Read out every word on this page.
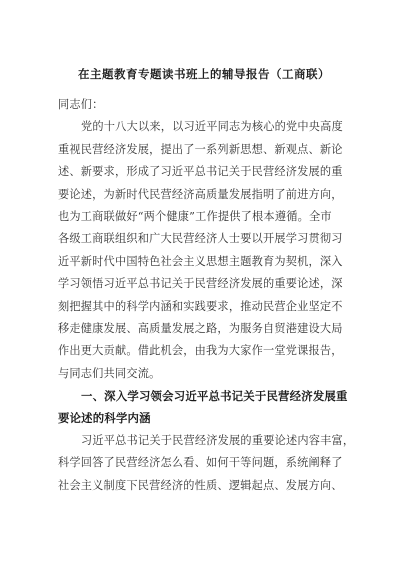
在主题教育专题读书班上的辅导报告（工商联）
同志们：
党的十八大以来，以习近平同志为核心的党中央高度
重视民营经济发展，提出了一系列新思想、新观点、新论
述、新要求，形成了习近平总书记关于民营经济发展的重
要论述，为新时代民营经济高质量发展指明了前进方向，
也为工商联做好“两个健康”工作提供了根本遵循。全市
各级工商联组织和广大民营经济人士要以开展学习贯彻习
近平新时代中国特色社会主义思想主题教育为契机，深入
学习领悟习近平总书记关于民营经济发展的重要论述，深
刻把握其中的科学内涵和实践要求，推动民营企业坚定不
移走健康发展、高质量发展之路，为服务自贸港建设大局
作出更大贡献。借此机会，由我为大家作一堂党课报告，
与同志们共同交流。
一、深入学习领会习近平总书记关于民营经济发展重
要论述的科学内涵
习近平总书记关于民营经济发展的重要论述内容丰富，
科学回答了民营经济怎么看、如何干等问题，系统阐释了
社会主义制度下民营经济的性质、逻辑起点、发展方向、
